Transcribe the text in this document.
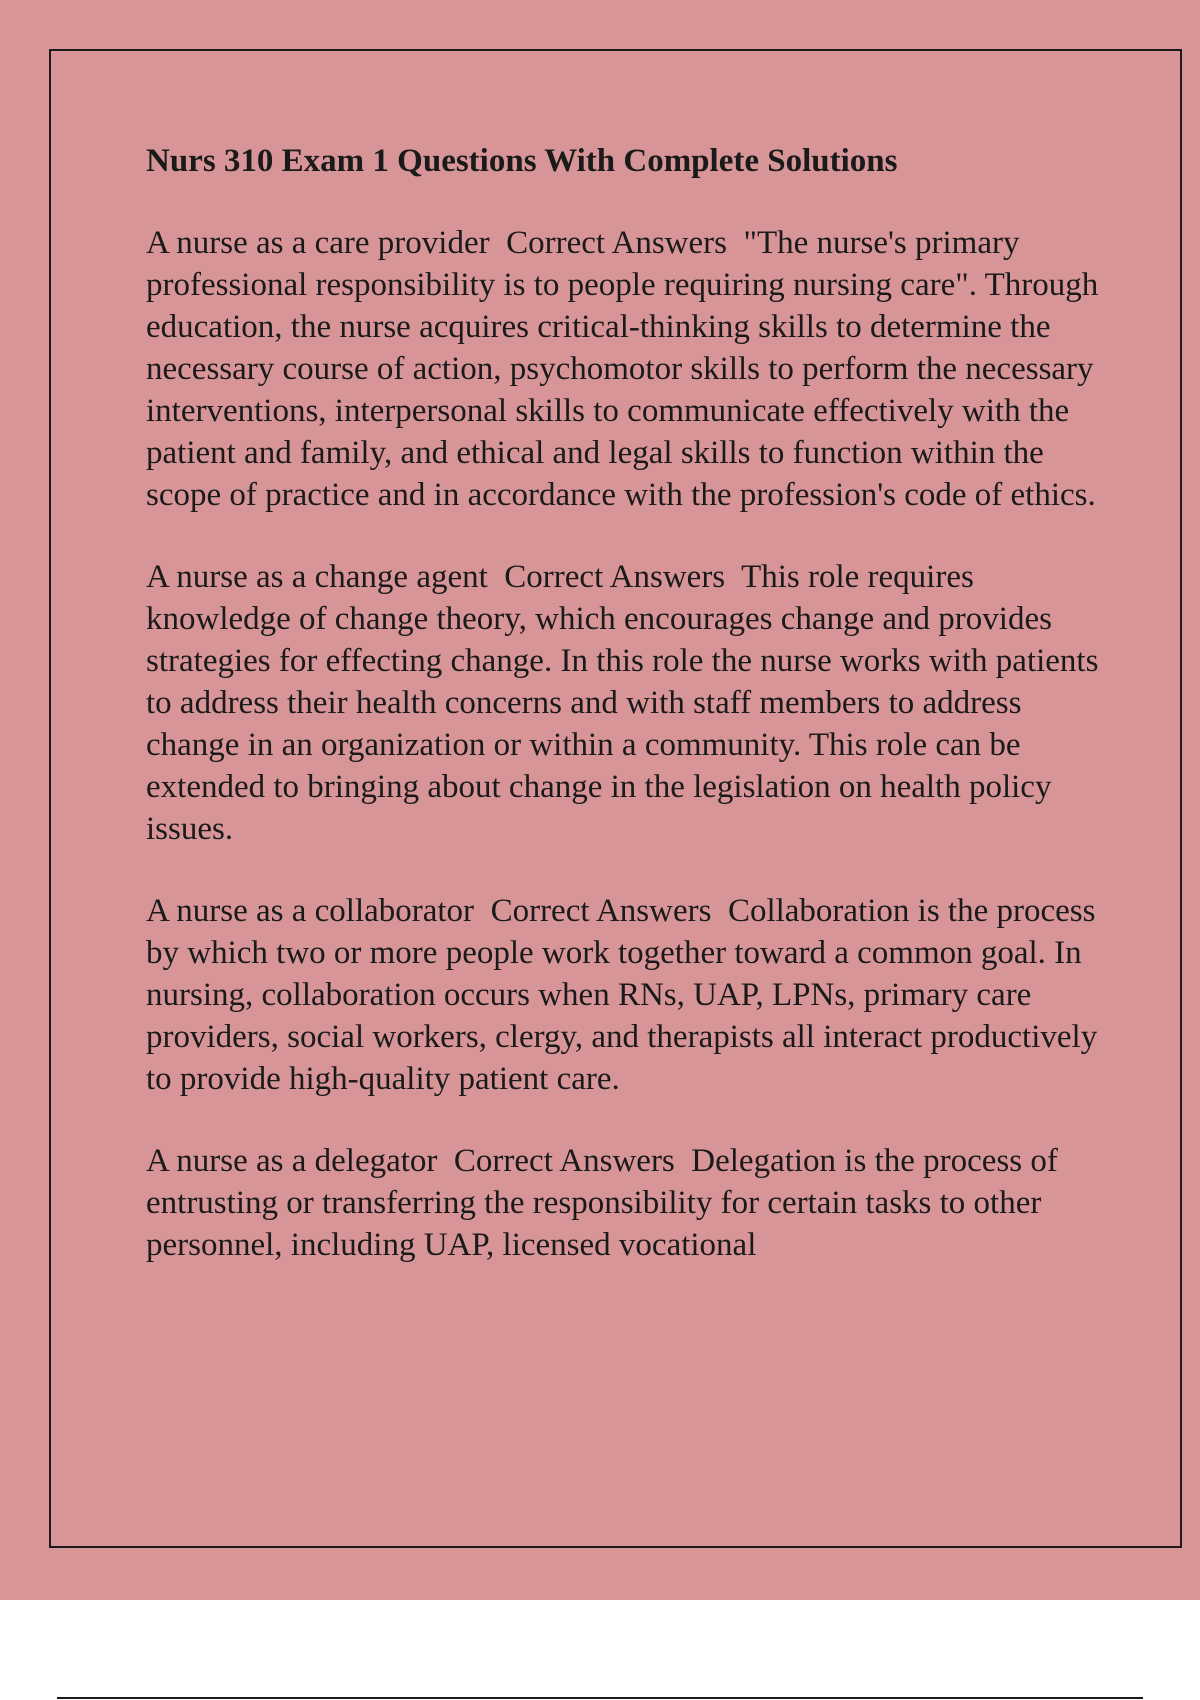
Nurs 310 Exam 1 Questions With Complete Solutions

A nurse as a care provider Correct Answers "The nurse's primary professional responsibility is to people requiring nursing care". Through education, the nurse acquires critical-thinking skills to determine the necessary course of action, psychomotor skills to perform the necessary interventions, interpersonal skills to communicate effectively with the patient and family, and ethical and legal skills to function within the scope of practice and in accordance with the profession's code of ethics.

A nurse as a change agent Correct Answers This role requires knowledge of change theory, which encourages change and provides strategies for effecting change. In this role the nurse works with patients to address their health concerns and with staff members to address change in an organization or within a community. This role can be extended to bringing about change in the legislation on health policy issues.

A nurse as a collaborator Correct Answers Collaboration is the process by which two or more people work together toward a common goal. In nursing, collaboration occurs when RNs, UAP, LPNs, primary care providers, social workers, clergy, and therapists all interact productively to provide high-quality patient care.

A nurse as a delegator Correct Answers Delegation is the process of entrusting or transferring the responsibility for certain tasks to other personnel, including UAP, licensed vocational
